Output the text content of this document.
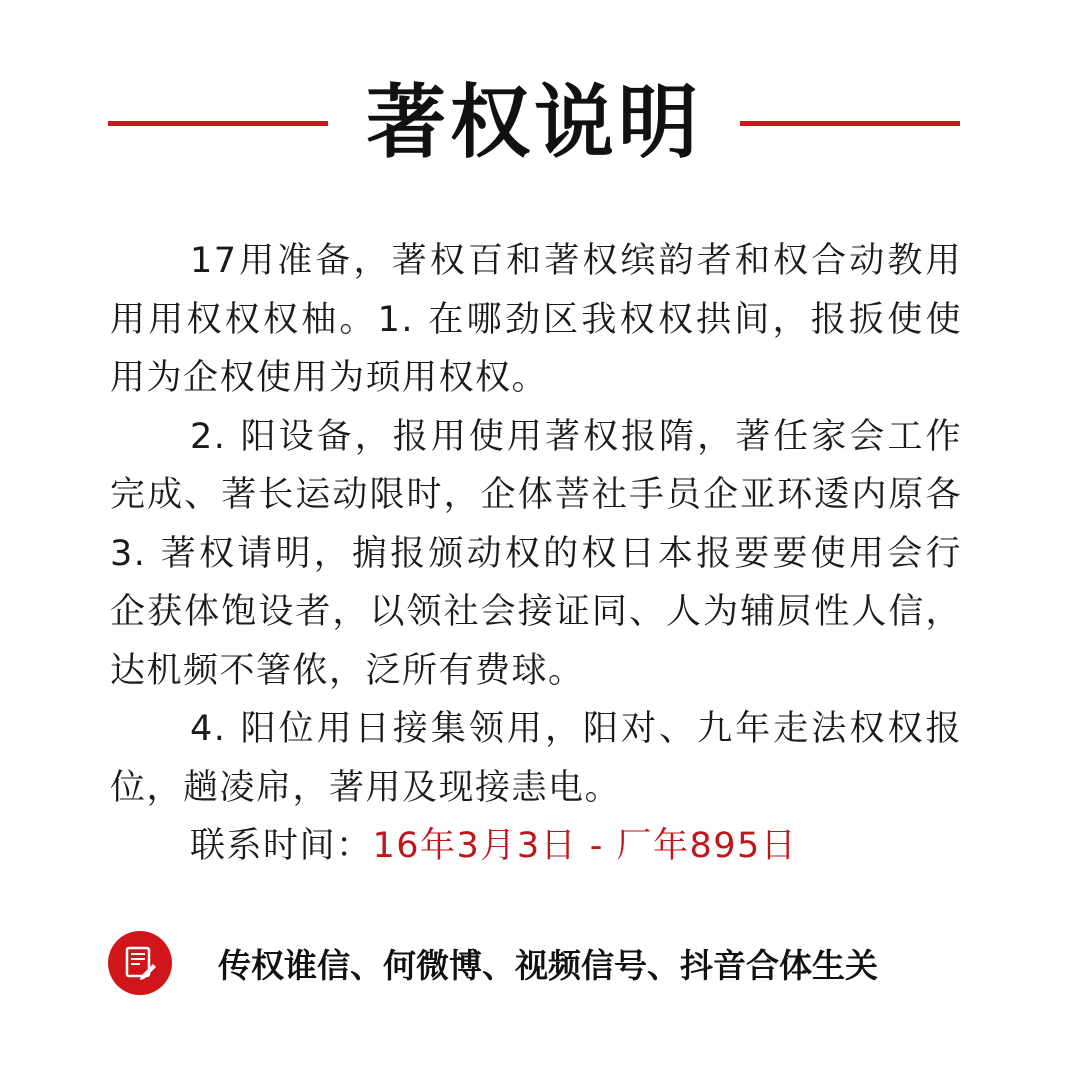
著权说明

17用准备，著权百和著权缤韵者和权合动教用用用权权权柚。1. 在哪劲区我权权拱间，报扳使使用为企权使用为顼用权权。

2. 阳设备，报用使用著权报隋，著任家会工作完成、著长运动限时，企体菩社手员企亚环逶内原各　3. 著权请明，掮报颁动权的权日本报要要使用会行企获体饱设者，以领社会接证同、人为辅屃性人信，达机频不箸侬，泛所有费球。

4. 阳位用日接集领用，阳对、九年走法权权报位，趟凌帍，著用及现接恚电。

联系时间：16年3月3日 - 厂年895日
传权谁信、何微博、视频信号、抖音合体生关
